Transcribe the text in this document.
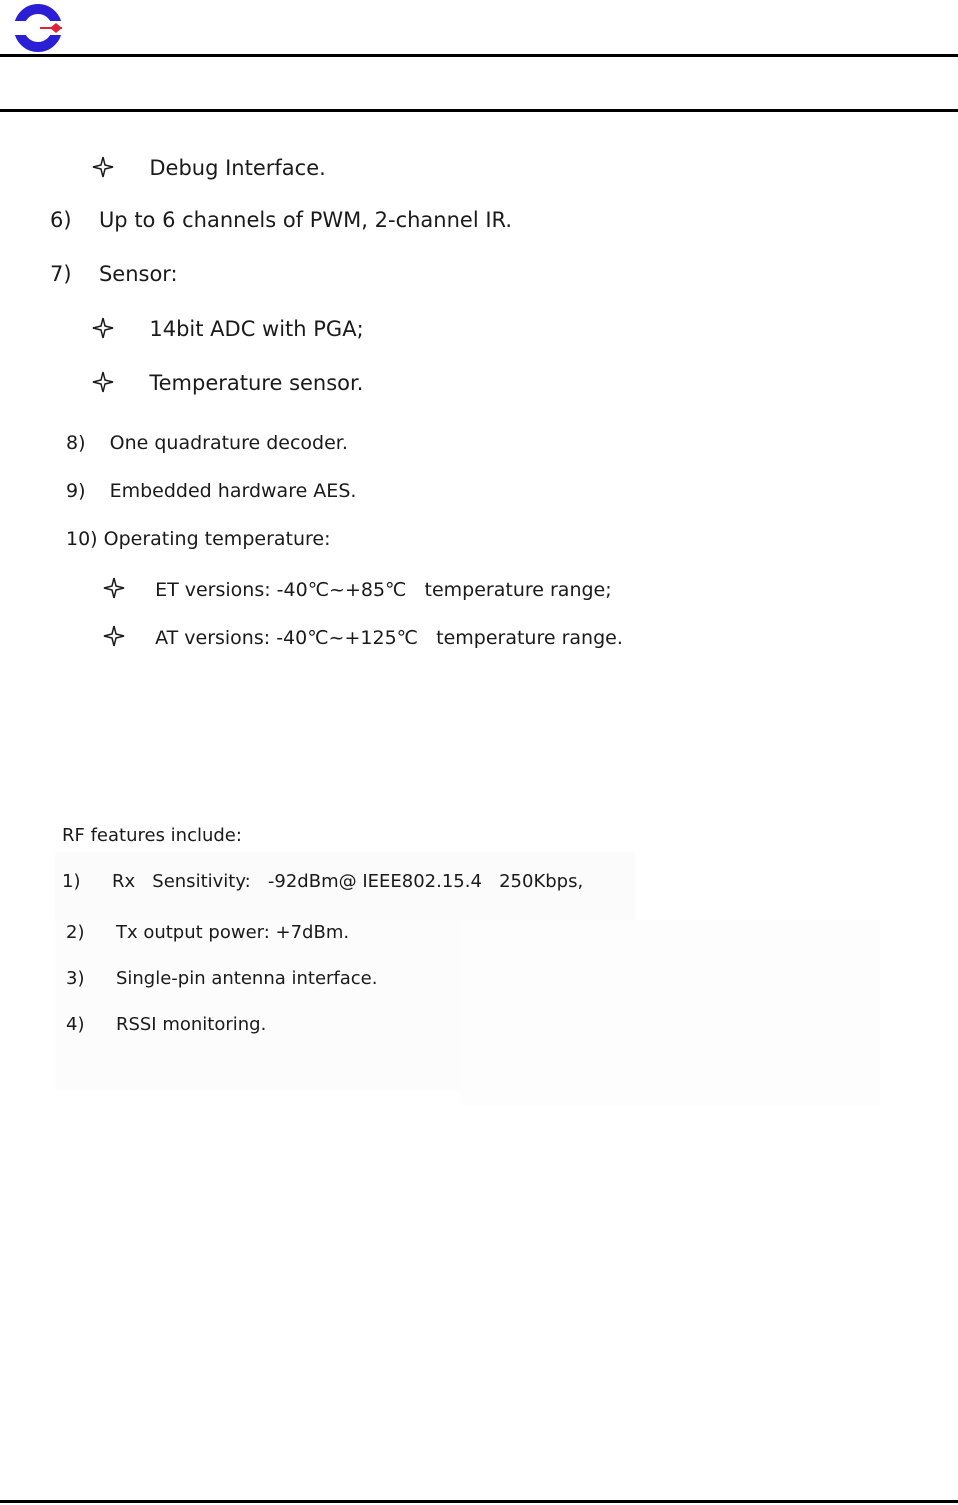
Debug Interface.
6) Up to 6 channels of PWM, 2-channel IR.
7) Sensor:
14bit ADC with PGA;
Temperature sensor.
8) One quadrature decoder.
9) Embedded hardware AES.
10) Operating temperature:
ET versions: -40℃~+85℃   temperature range;
AT versions: -40℃~+125℃   temperature range.
RF features include:
1) Rx   Sensitivity:   -92dBm@ IEEE802.15.4   250Kbps,
2) Tx output power: +7dBm.
3) Single-pin antenna interface.
4) RSSI monitoring.
